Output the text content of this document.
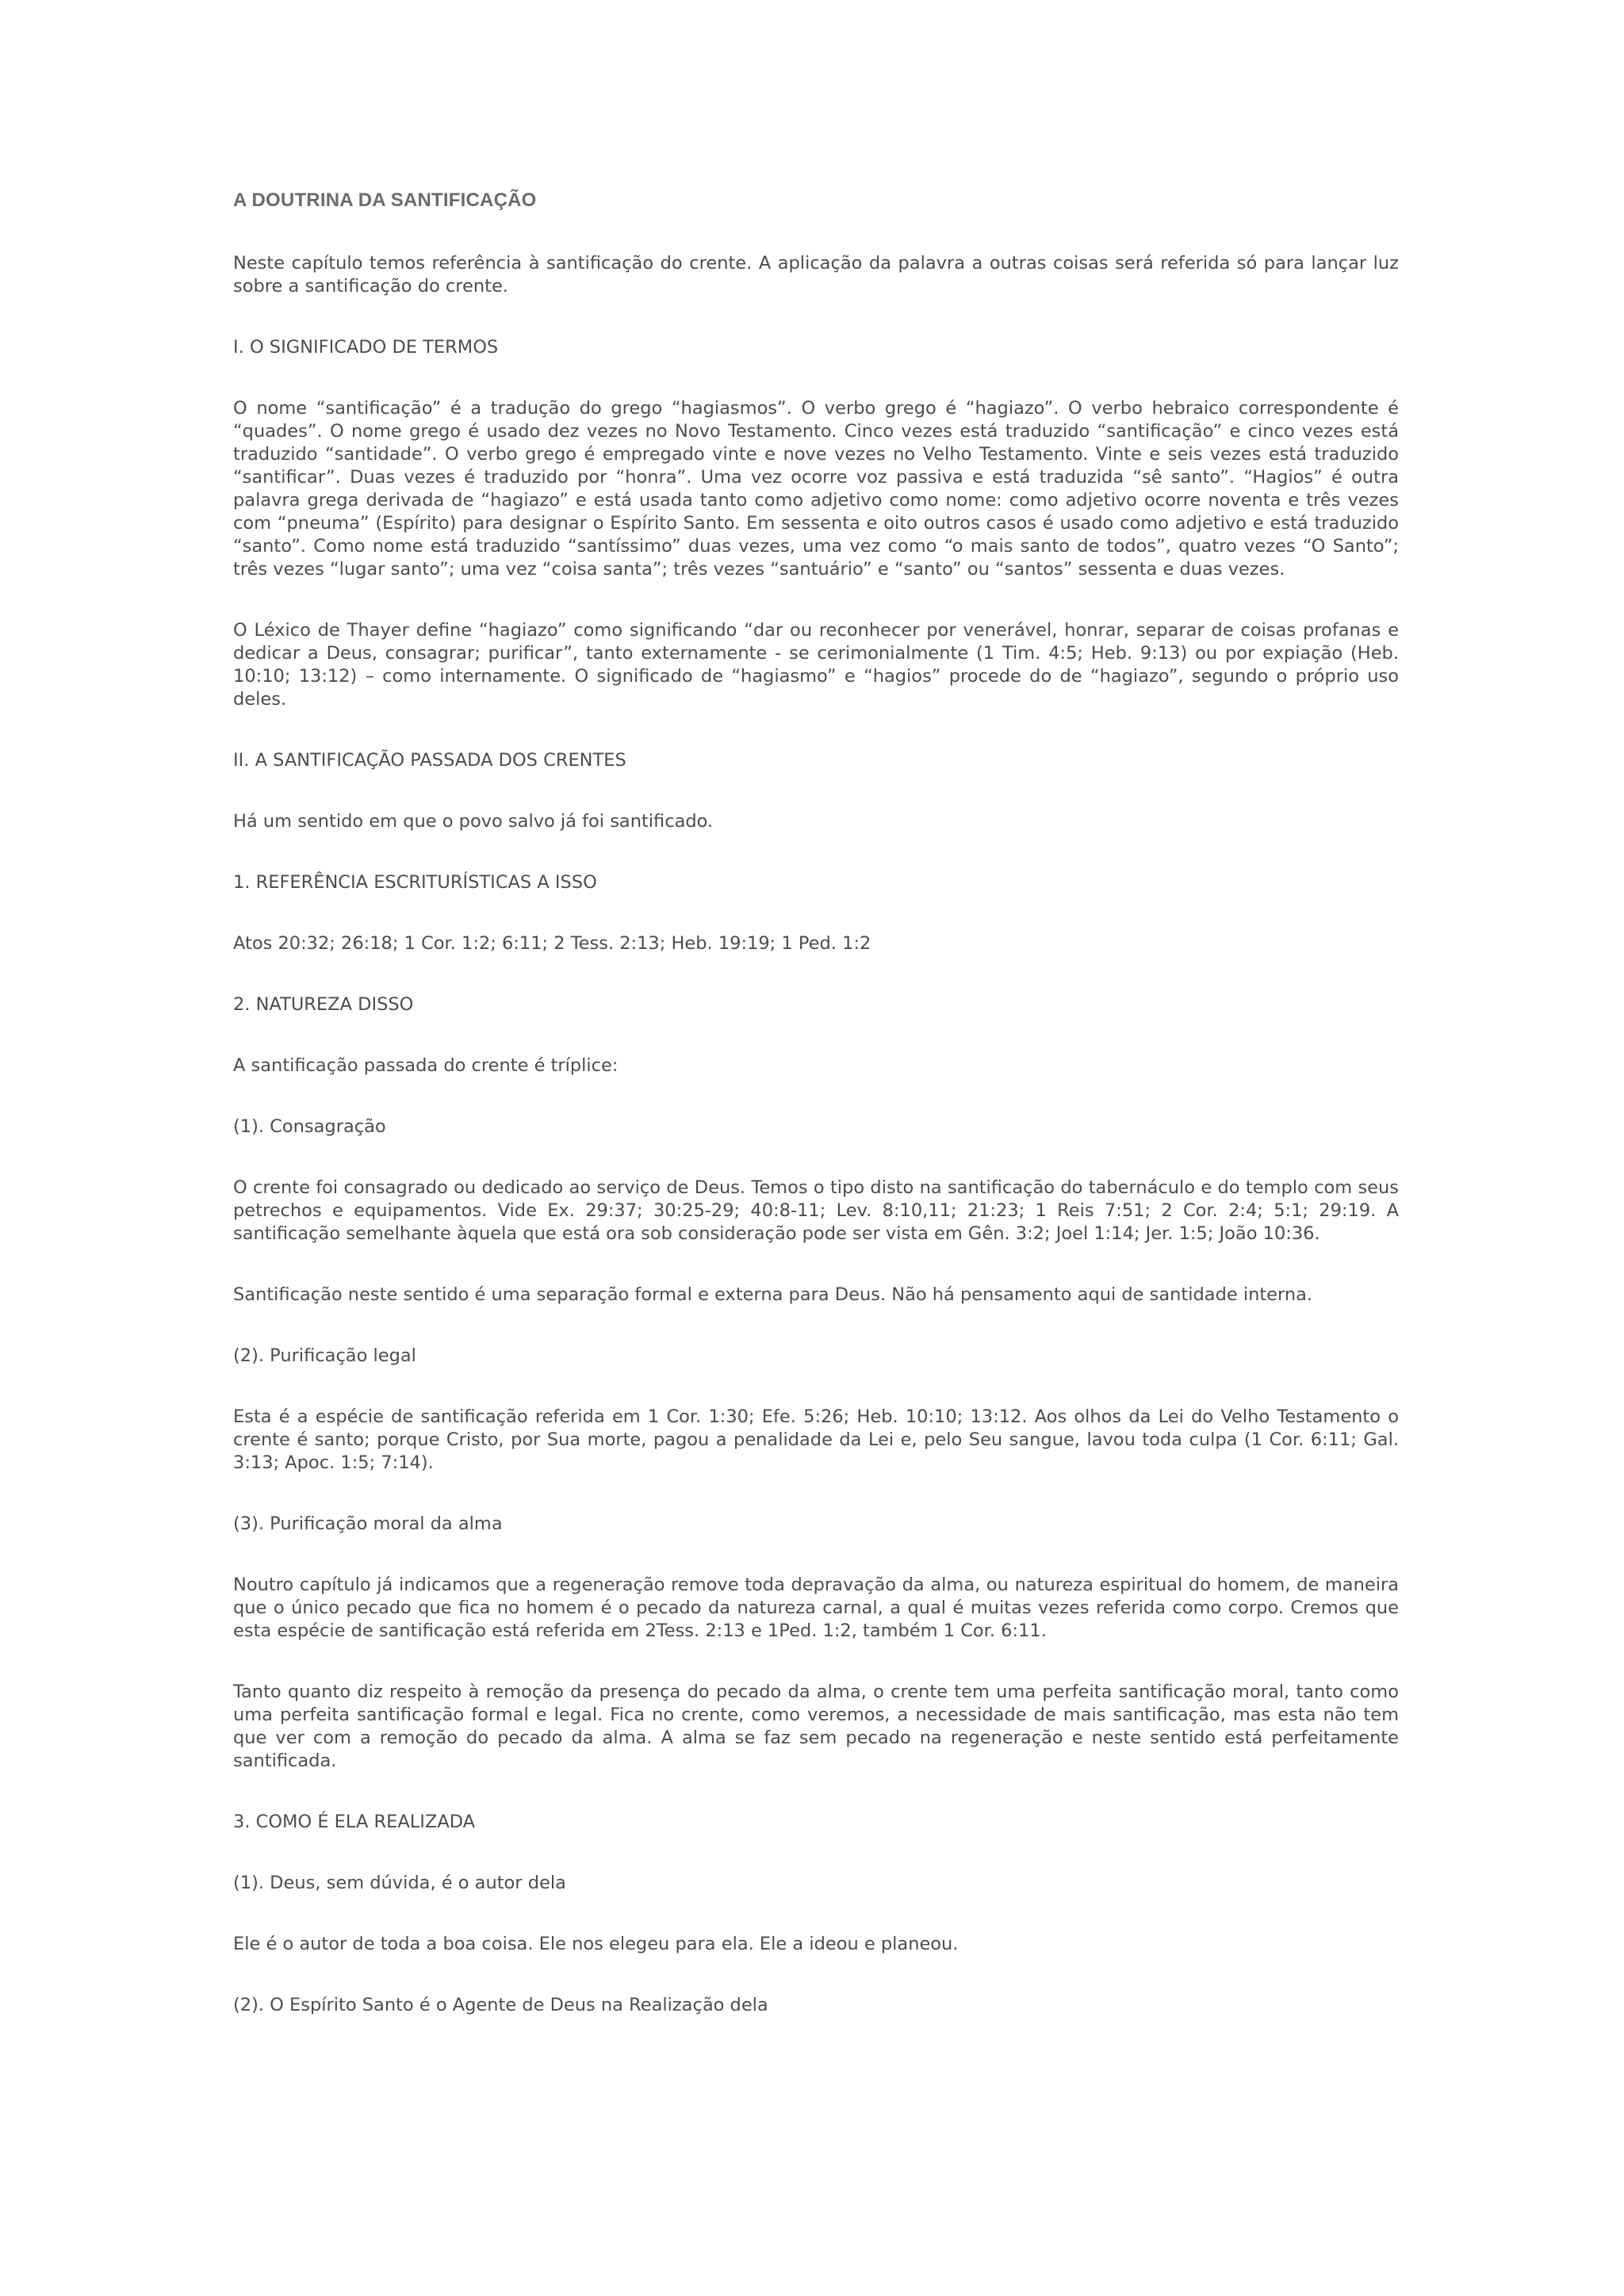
A DOUTRINA DA SANTIFICAÇÃO

Neste capítulo temos referência à santificação do crente. A aplicação da palavra a outras coisas será referida só para lançar luz sobre a santificação do crente.

I. O SIGNIFICADO DE TERMOS

O nome “santificação” é a tradução do grego “hagiasmos”. O verbo grego é “hagiazo”. O verbo hebraico correspondente é “quades”. O nome grego é usado dez vezes no Novo Testamento. Cinco vezes está traduzido “santificação” e cinco vezes está traduzido “santidade”. O verbo grego é empregado vinte e nove vezes no Velho Testamento. Vinte e seis vezes está traduzido “santificar”. Duas vezes é traduzido por “honra”. Uma vez ocorre voz passiva e está traduzida “sê santo”. “Hagios” é outra palavra grega derivada de “hagiazo” e está usada tanto como adjetivo como nome: como adjetivo ocorre noventa e três vezes com “pneuma” (Espírito) para designar o Espírito Santo. Em sessenta e oito outros casos é usado como adjetivo e está traduzido “santo”. Como nome está traduzido “santíssimo” duas vezes, uma vez como “o mais santo de todos”, quatro vezes “O Santo”; três vezes “lugar santo”; uma vez “coisa santa”; três vezes “santuário” e “santo” ou “santos” sessenta e duas vezes.

O Léxico de Thayer define “hagiazo” como significando “dar ou reconhecer por venerável, honrar, separar de coisas profanas e dedicar a Deus, consagrar; purificar”, tanto externamente - se cerimonialmente (1 Tim. 4:5; Heb. 9:13) ou por expiação (Heb. 10:10; 13:12) – como internamente. O significado de “hagiasmo” e “hagios” procede do de “hagiazo”, segundo o próprio uso deles.

II. A SANTIFICAÇÃO PASSADA DOS CRENTES

Há um sentido em que o povo salvo já foi santificado.

1. REFERÊNCIA ESCRITURÍSTICAS A ISSO

Atos 20:32; 26:18; 1 Cor. 1:2; 6:11; 2 Tess. 2:13; Heb. 19:19; 1 Ped. 1:2

2. NATUREZA DISSO

A santificação passada do crente é tríplice:

(1). Consagração

O crente foi consagrado ou dedicado ao serviço de Deus. Temos o tipo disto na santificação do tabernáculo e do templo com seus petrechos e equipamentos. Vide Ex. 29:37; 30:25-29; 40:8-11; Lev. 8:10,11; 21:23; 1 Reis 7:51; 2 Cor. 2:4; 5:1; 29:19. A santificação semelhante àquela que está ora sob consideração pode ser vista em Gên. 3:2; Joel 1:14; Jer. 1:5; João 10:36.

Santificação neste sentido é uma separação formal e externa para Deus. Não há pensamento aqui de santidade interna.

(2). Purificação legal

Esta é a espécie de santificação referida em 1 Cor. 1:30; Efe. 5:26; Heb. 10:10; 13:12. Aos olhos da Lei do Velho Testamento o crente é santo; porque Cristo, por Sua morte, pagou a penalidade da Lei e, pelo Seu sangue, lavou toda culpa (1 Cor. 6:11; Gal. 3:13; Apoc. 1:5; 7:14).

(3). Purificação moral da alma

Noutro capítulo já indicamos que a regeneração remove toda depravação da alma, ou natureza espiritual do homem, de maneira que o único pecado que fica no homem é o pecado da natureza carnal, a qual é muitas vezes referida como corpo. Cremos que esta espécie de santificação está referida em 2Tess. 2:13 e 1Ped. 1:2, também 1 Cor. 6:11.

Tanto quanto diz respeito à remoção da presença do pecado da alma, o crente tem uma perfeita santificação moral, tanto como uma perfeita santificação formal e legal. Fica no crente, como veremos, a necessidade de mais santificação, mas esta não tem que ver com a remoção do pecado da alma. A alma se faz sem pecado na regeneração e neste sentido está perfeitamente santificada.

3. COMO É ELA REALIZADA
(1). Deus, sem dúvida, é o autor dela

Ele é o autor de toda a boa coisa. Ele nos elegeu para ela. Ele a ideou e planeou.

(2). O Espírito Santo é o Agente de Deus na Realização dela
